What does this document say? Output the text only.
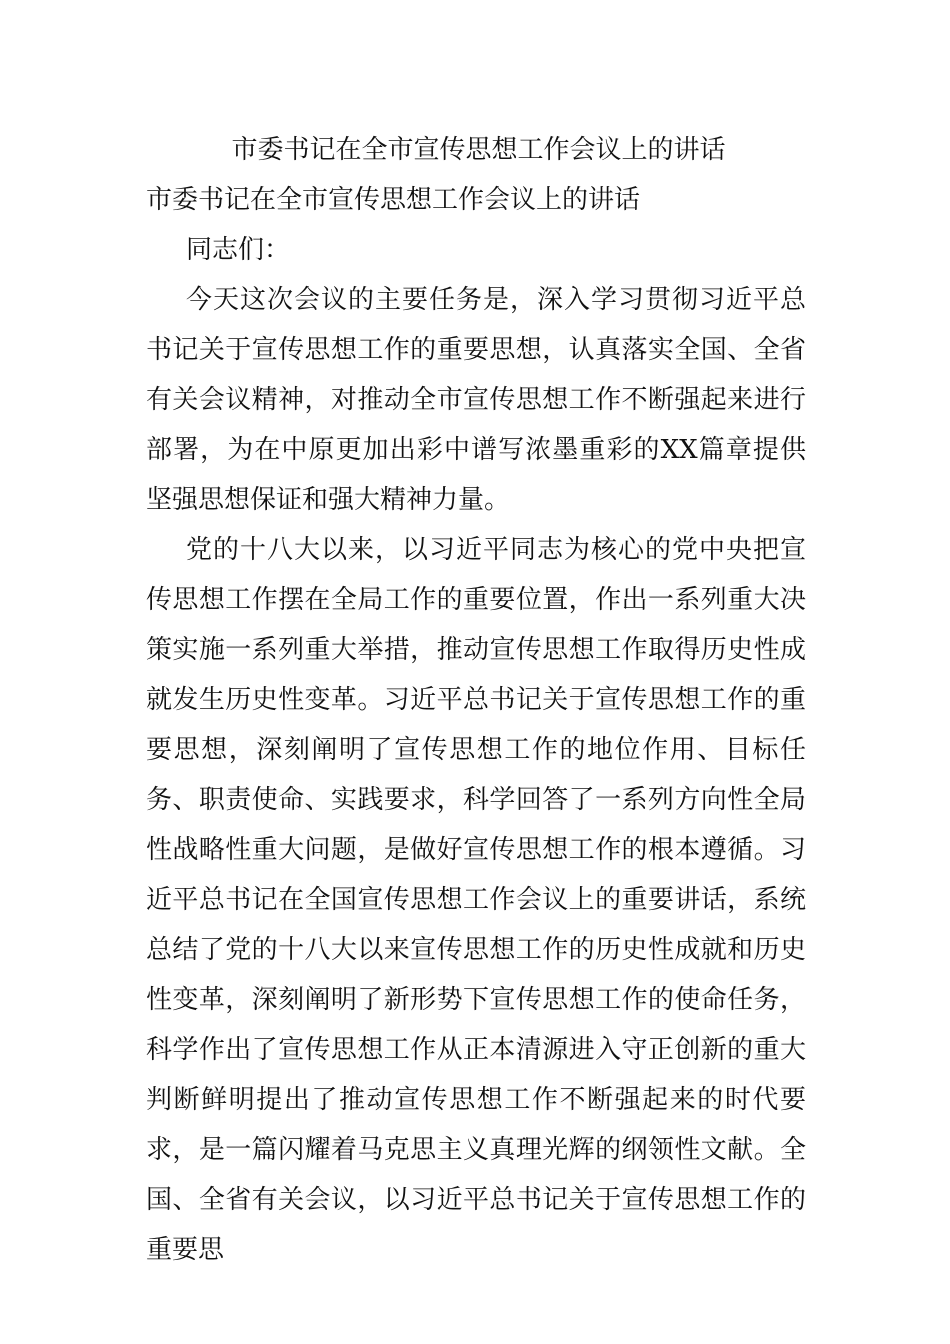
市委书记在全市宣传思想工作会议上的讲话

市委书记在全市宣传思想工作会议上的讲话

同志们：

今天这次会议的主要任务是，深入学习贯彻习近平总书记关于宣传思想工作的重要思想，认真落实全国、全省有关会议精神，对推动全市宣传思想工作不断强起来进行部署，为在中原更加出彩中谱写浓墨重彩的XX篇章提供坚强思想保证和强大精神力量。

党的十八大以来，以习近平同志为核心的党中央把宣传思想工作摆在全局工作的重要位置，作出一系列重大决策实施一系列重大举措，推动宣传思想工作取得历史性成就发生历史性变革。习近平总书记关于宣传思想工作的重要思想，深刻阐明了宣传思想工作的地位作用、目标任务、职责使命、实践要求，科学回答了一系列方向性全局性战略性重大问题，是做好宣传思想工作的根本遵循。习近平总书记在全国宣传思想工作会议上的重要讲话，系统总结了党的十八大以来宣传思想工作的历史性成就和历史性变革，深刻阐明了新形势下宣传思想工作的使命任务，科学作出了宣传思想工作从正本清源进入守正创新的重大判断鲜明提出了推动宣传思想工作不断强起来的时代要求，是一篇闪耀着马克思主义真理光辉的纲领性文献。全国、全省有关会议，以习近平总书记关于宣传思想工作的重要思
